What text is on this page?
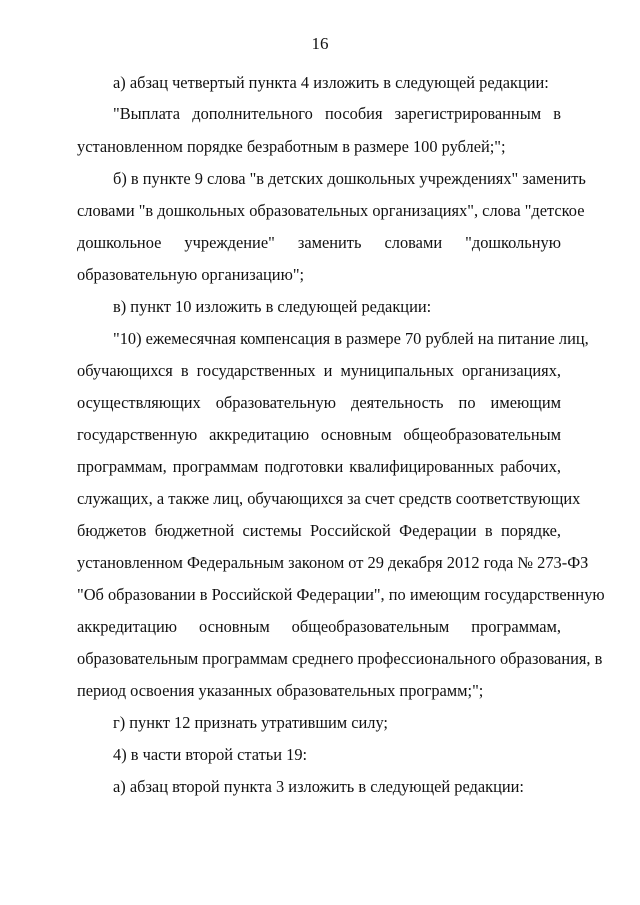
16
а) абзац четвертый пункта 4 изложить в следующей редакции:
"Выплата дополнительного пособия зарегистрированным в
установленном порядке безработным в размере 100 рублей;";
б) в пункте 9 слова "в детских дошкольных учреждениях" заменить
словами "в дошкольных образовательных организациях", слова "детское
дошкольное учреждение" заменить словами "дошкольную
образовательную организацию";
в) пункт 10 изложить в следующей редакции:
"10) ежемесячная компенсация в размере 70 рублей на питание лиц,
обучающихся в государственных и муниципальных организациях,
осуществляющих образовательную деятельность по имеющим
государственную аккредитацию основным общеобразовательным
программам, программам подготовки квалифицированных рабочих,
служащих, а также лиц, обучающихся за счет средств соответствующих
бюджетов бюджетной системы Российской Федерации в порядке,
установленном Федеральным законом от 29 декабря 2012 года № 273-ФЗ
"Об образовании в Российской Федерации", по имеющим государственную
аккредитацию основным общеобразовательным программам,
образовательным программам среднего профессионального образования, в
период освоения указанных образовательных программ;";
г) пункт 12 признать утратившим силу;
4) в части второй статьи 19:
а) абзац второй пункта 3 изложить в следующей редакции:
